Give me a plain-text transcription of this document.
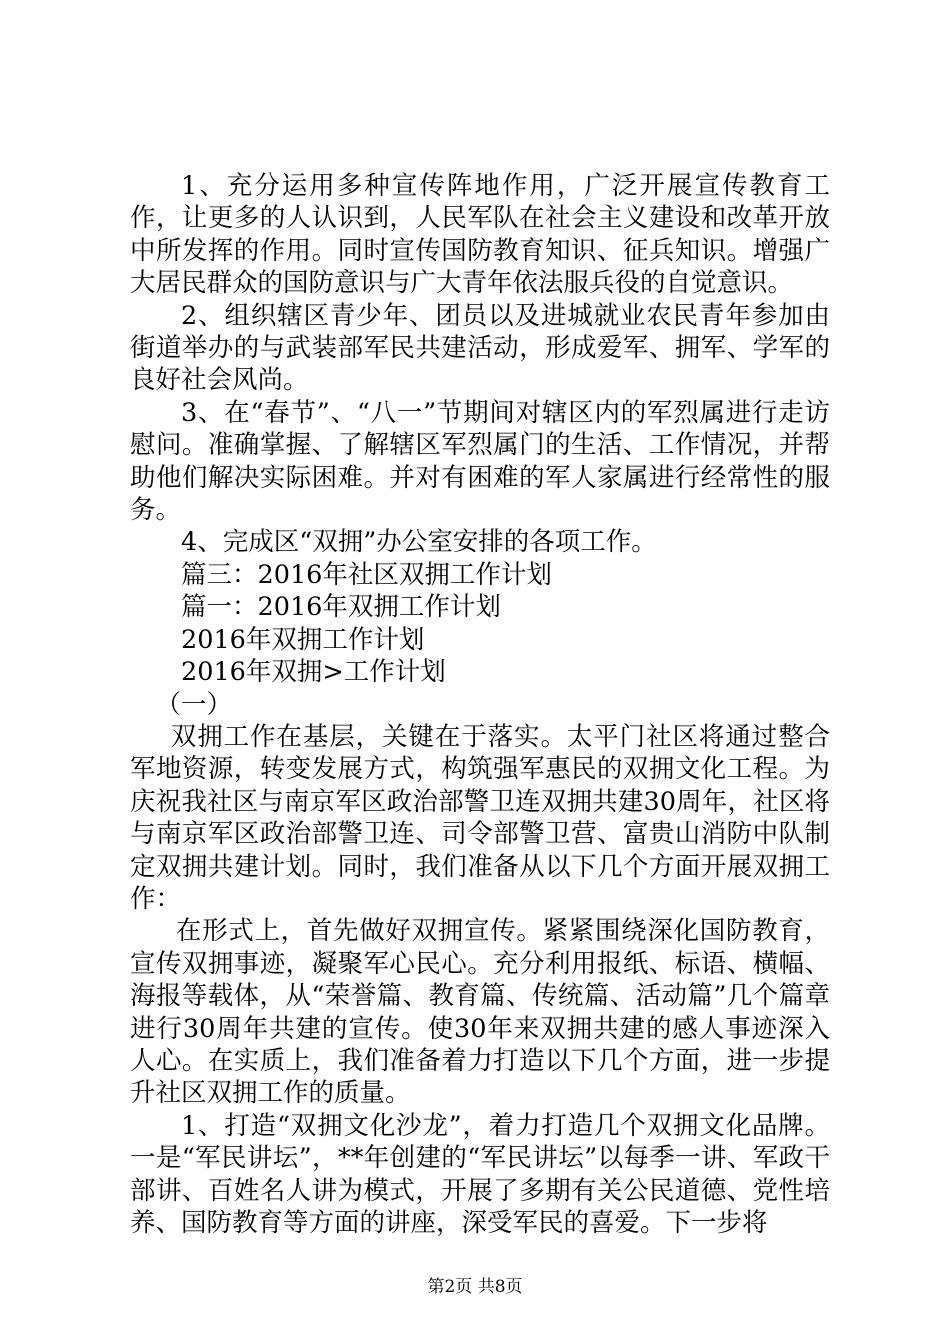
1、充分运用多种宣传阵地作用，广泛开展宣传教育工作，让更多的人认识到，人民军队在社会主义建设和改革开放中所发挥的作用。同时宣传国防教育知识、征兵知识。增强广大居民群众的国防意识与广大青年依法服兵役的自觉意识。

2、组织辖区青少年、团员以及进城就业农民青年参加由街道举办的与武装部军民共建活动，形成爱军、拥军、学军的良好社会风尚。

3、在“春节”、“八一”节期间对辖区内的军烈属进行走访慰问。准确掌握、了解辖区军烈属门的生活、工作情况，并帮助他们解决实际困难。并对有困难的军人家属进行经常性的服务。

4、完成区“双拥”办公室安排的各项工作。

篇三：2016年社区双拥工作计划

篇一：2016年双拥工作计划

2016年双拥工作计划

2016年双拥>工作计划

（一）

双拥工作在基层，关键在于落实。太平门社区将通过整合军地资源，转变发展方式，构筑强军惠民的双拥文化工程。为庆祝我社区与南京军区政治部警卫连双拥共建30周年，社区将与南京军区政治部警卫连、司令部警卫营、富贵山消防中队制定双拥共建计划。同时，我们准备从以下几个方面开展双拥工作：

在形式上，首先做好双拥宣传。紧紧围绕深化国防教育，宣传双拥事迹，凝聚军心民心。充分利用报纸、标语、横幅、海报等载体，从“荣誉篇、教育篇、传统篇、活动篇”几个篇章进行30周年共建的宣传。使30年来双拥共建的感人事迹深入人心。在实质上，我们准备着力打造以下几个方面，进一步提升社区双拥工作的质量。

1、打造“双拥文化沙龙”，着力打造几个双拥文化品牌。一是“军民讲坛”，**年创建的“军民讲坛”以每季一讲、军政干部讲、百姓名人讲为模式，开展了多期有关公民道德、党性培养、国防教育等方面的讲座，深受军民的喜爱。下一步将

第2页 共8页
